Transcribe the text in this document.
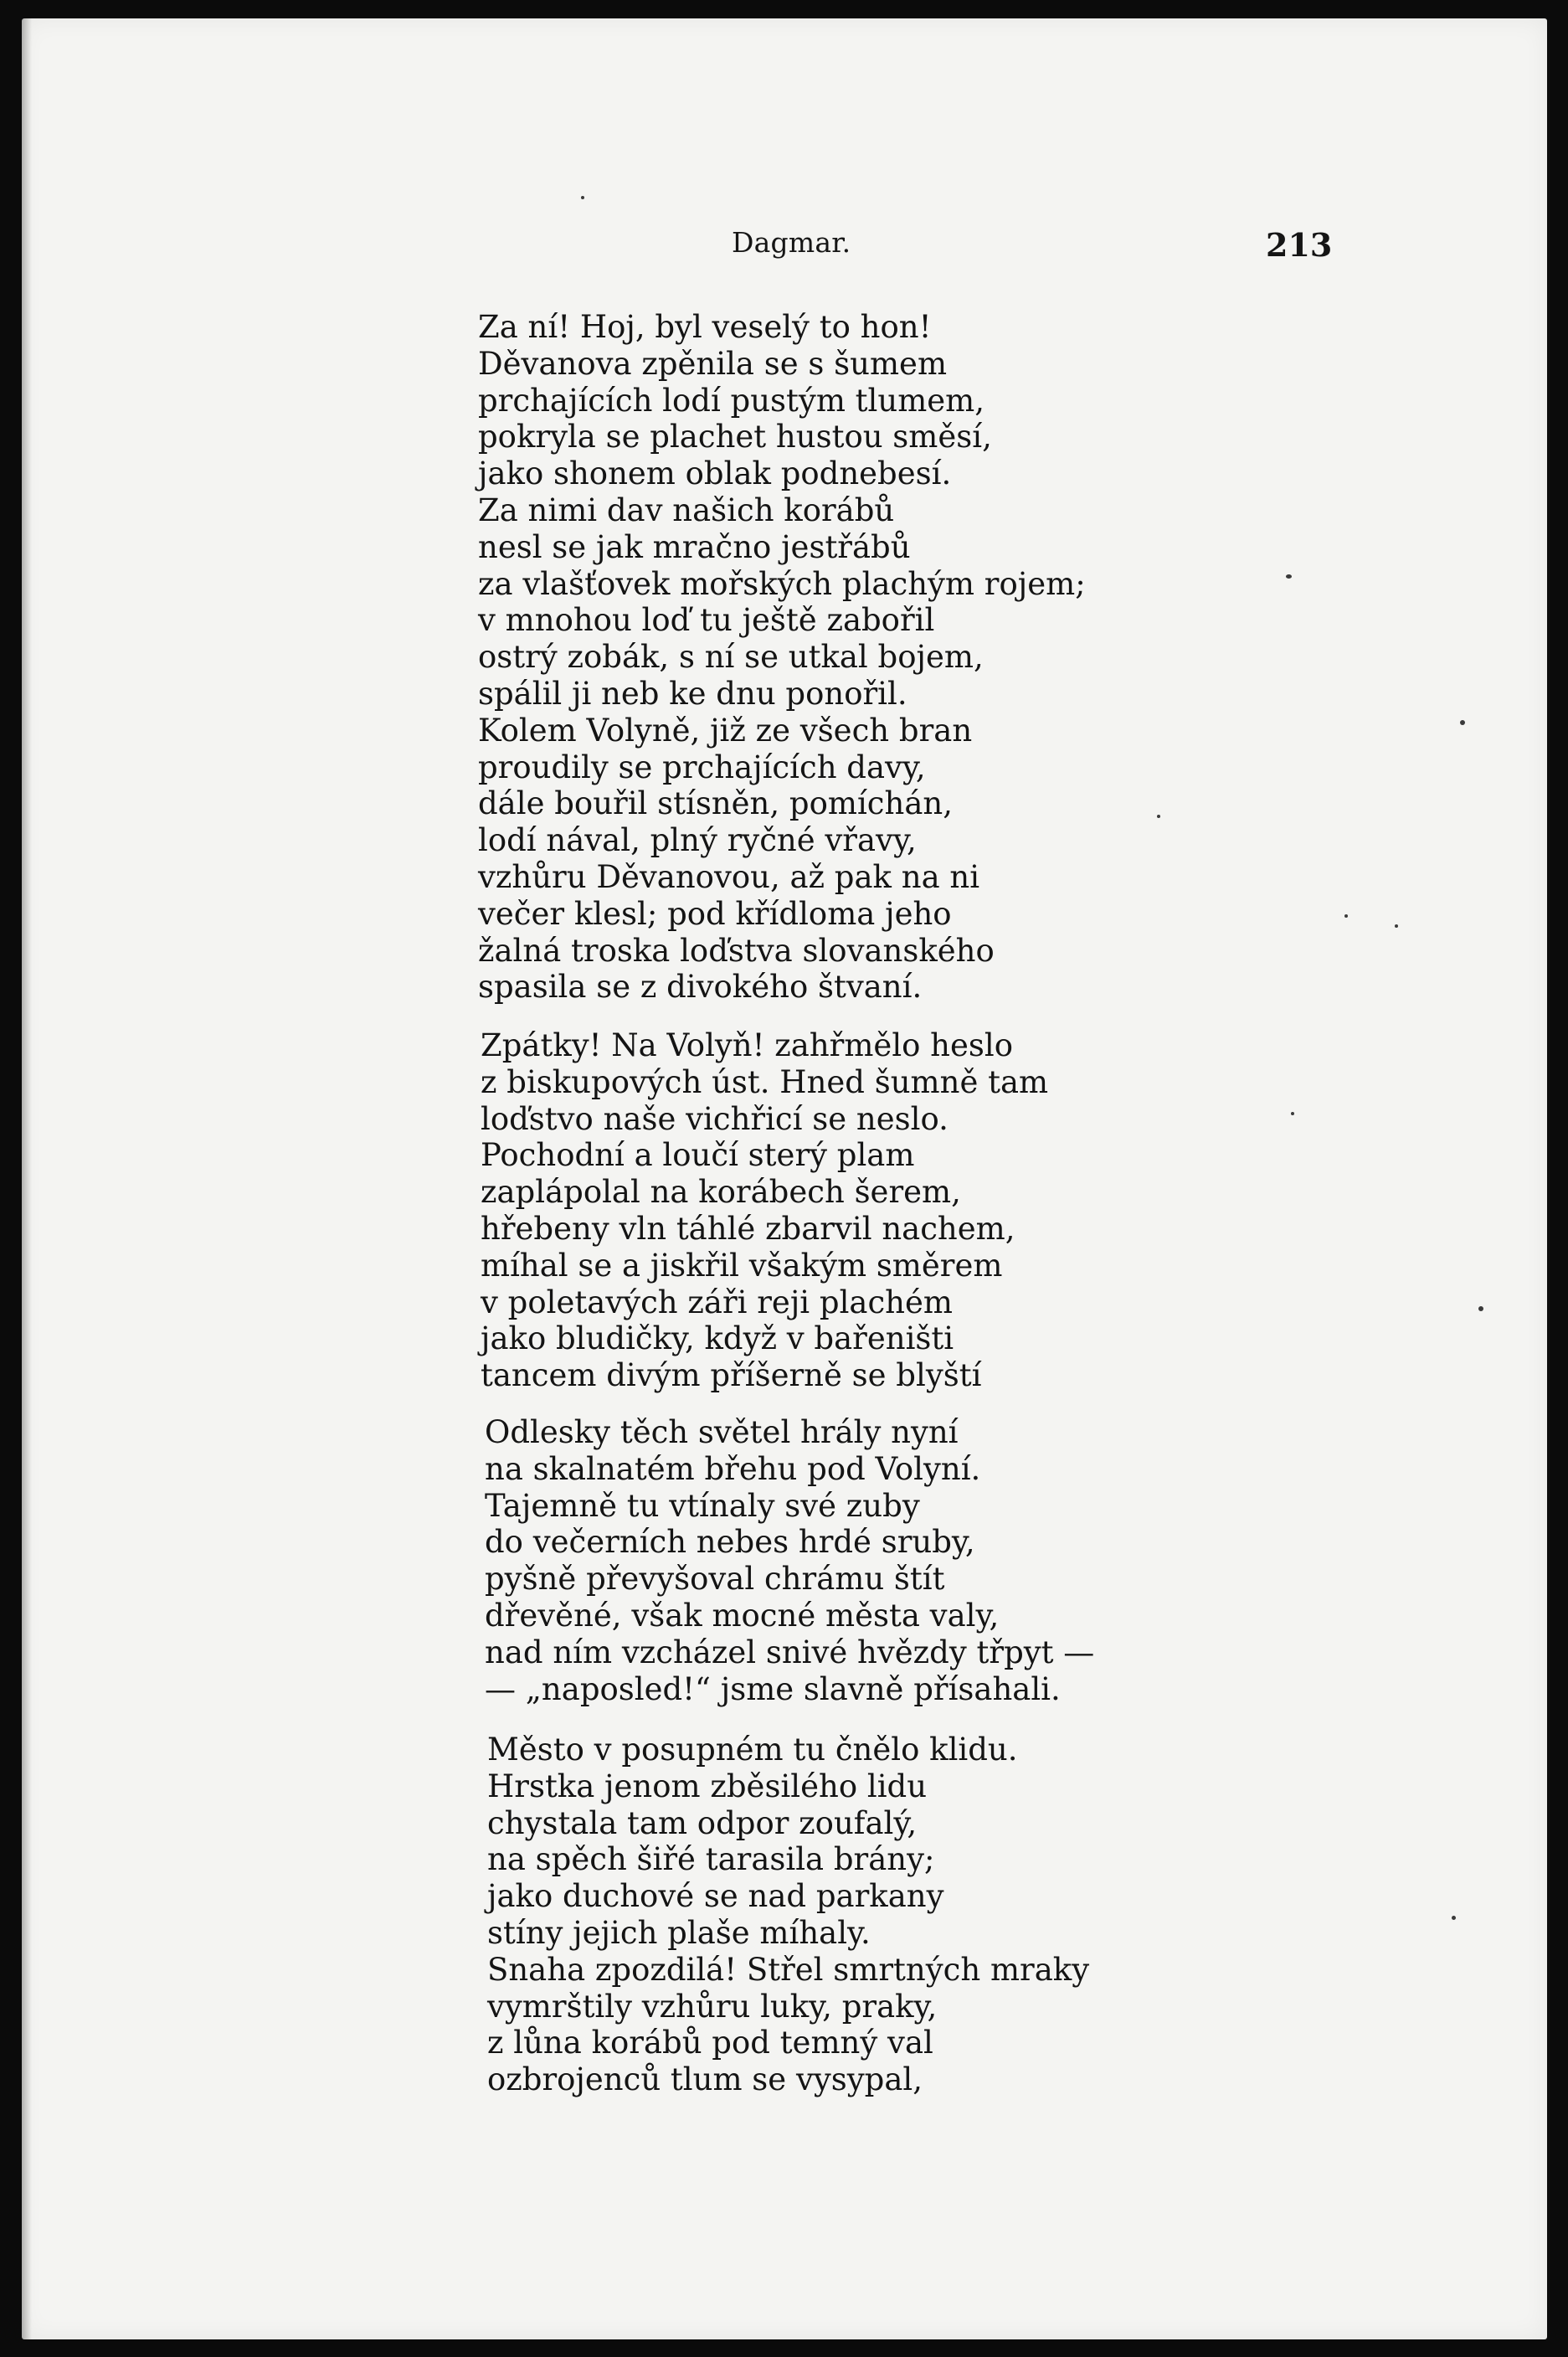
Dagmar.	213

Za ní! Hoj, byl veselý to hon!
Děvanova zpěnila se s šumem
prchajících lodí pustým tlumem,
pokryla se plachet hustou směsí,
jako shonem oblak podnebesí.
Za nimi dav našich korábů
nesl se jak mračno jestřábů
za vlašťovek mořských plachým rojem;
v mnohou loď tu ještě zabořil
ostrý zobák, s ní se utkal bojem,
spálil ji neb ke dnu ponořil.
Kolem Volyně, již ze všech bran
proudily se prchajících davy,
dále bouřil stísněn, pomíchán,
lodí nával, plný ryčné vřavy,
vzhůru Děvanovou, až pak na ni
večer klesl; pod křídloma jeho
žalná troska loďstva slovanského
spasila se z divokého štvaní.

Zpátky! Na Volyň! zahřmělo heslo
z biskupových úst. Hned šumně tam
loďstvo naše vichřicí se neslo.
Pochodní a loučí sterý plam
zaplápolal na korábech šerem,
hřebeny vln táhlé zbarvil nachem,
míhal se a jiskřil všakým směrem
v poletavých záři reji plachém
jako bludičky, když v bařeništi
tancem divým příšerně se blyští

Odlesky těch světel hrály nyní
na skalnatém břehu pod Volyní.
Tajemně tu vtínaly své zuby
do večerních nebes hrdé sruby,
pyšně převyšoval chrámu štít
dřevěné, však mocné města valy,
nad ním vzcházel snivé hvězdy třpyt —
— „naposled!“ jsme slavně přísahali.

Město v posupném tu čnělo klidu.
Hrstka jenom zběsilého lidu
chystala tam odpor zoufalý,
na spěch šiřé tarasila brány;
jako duchové se nad parkany
stíny jejich plaše míhaly.
Snaha zpozdilá! Střel smrtných mraky
vymrštily vzhůru luky, praky,
z lůna korábů pod temný val
ozbrojenců tlum se vysypal,
